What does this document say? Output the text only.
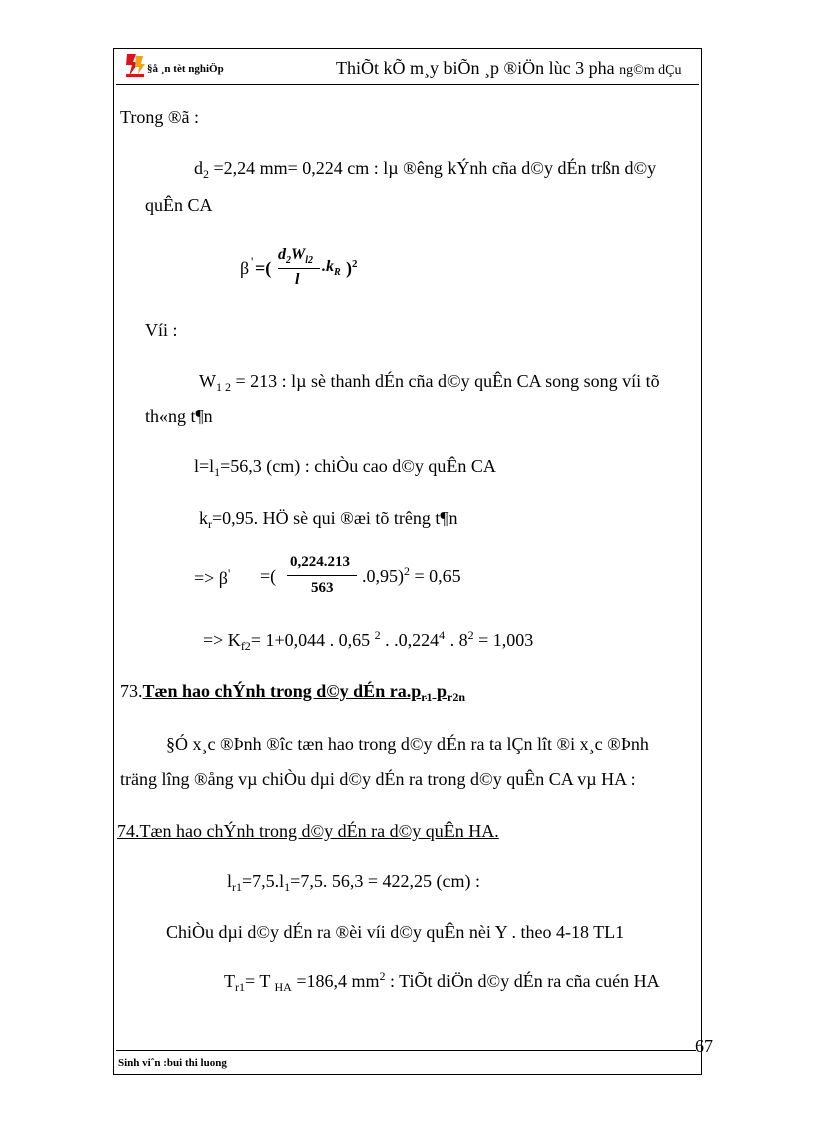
§å ¸n tèt nghiÖp	ThiÕt kÕ m¸y biÕn ¸p ®iÖn lùc 3 pha ng©m dÇu
Trong ®ã :
$d_2 =2,24$ mm= 0,224 cm : lµ ®êng kÝnh cña d©y dÉn trßn d©y
quÊn CA
β ' =(
$d_2W_{l2}$
l
$.k_R$ )$^2$
Víi :
$W_{1 2} = 213$ : lµ sè thanh dÉn cña d©y quÊn CA song song víi tõ
th«ng t¶n
$l=l_1=56,3$ (cm) : chiÒu cao d©y quÊn CA
$k_r=0,95$. HÖ sè qui ®æi tõ trêng t¶n
=> β' =(
0,224.213
563
.0,95)$^2$ = 0,65
=> $K_{f2}= 1+0,044$ . 0,65 $^2$ . .0,224$^4$ . $8^2 = 1,003$
73.Tæn hao chÝnh trong d©y dÉn $ra.p_{r1}$ $p_{r2n}$
§Ó x¸c ®Þnh ®îc tæn hao trong d©y dÉn ra ta lÇn lît ®i x¸c ®Þnh
träng lîng ®ång vµ chiÒu dµi d©y dÉn ra trong d©y quÊn CA vµ HA :
74.Tæn hao chÝnh trong d©y dÉn ra d©y quÊn HA.
$l_{r1}=7,5.l_1=7,5$. 56,3 = 422,25 (cm) :
ChiÒu dµi d©y dÉn ra ®èi víi d©y quÊn nèi Y . theo 4-18 TL1
$T_{r1}= T$ $_{HA}$ =186,4 $mm^2$ : TiÕt diÖn d©y dÉn ra cña cuén HA
67
Sinh viˆn :bui thi luong
